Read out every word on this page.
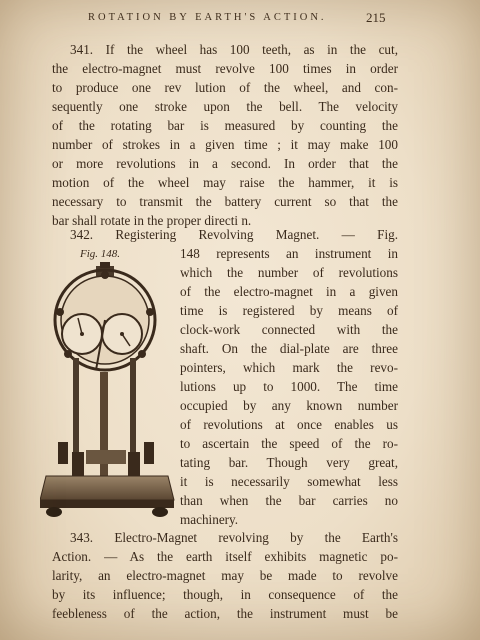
ROTATION BY EARTH'S ACTION.	215
341. If the wheel has 100 teeth, as in the cut,
the electro-magnet must revolve 100 times in order
to produce one rev lution of the wheel, and con-
sequently one stroke upon the bell. The velocity
of the rotating bar is measured by counting the
number of strokes in a given time ; it may make 100
or more revolutions in a second. In order that the
motion of the wheel may raise the hammer, it is
necessary to transmit the battery current so that the
bar shall rotate in the proper directi n.
342. Registering Revolving Magnet. — Fig.
Fig. 148.	148 represents an instrument in
which the number of revolutions
of the electro-magnet in a given
time is registered by means of
clock-work connected with the
shaft. On the dial-plate are three
pointers, which mark the revo-
lutions up to 1000. The time
occupied by any known number
of revolutions at once enables us
to ascertain the speed of the ro-
tating bar. Though very great,
it is necessarily somewhat less
than when the bar carries no
machinery.
343. Electro-Magnet revolving by the Earth's
Action. — As the earth itself exhibits magnetic po-
larity, an electro-magnet may be made to revolve
by its influence; though, in consequence of the
feebleness of the action, the instrument must be
